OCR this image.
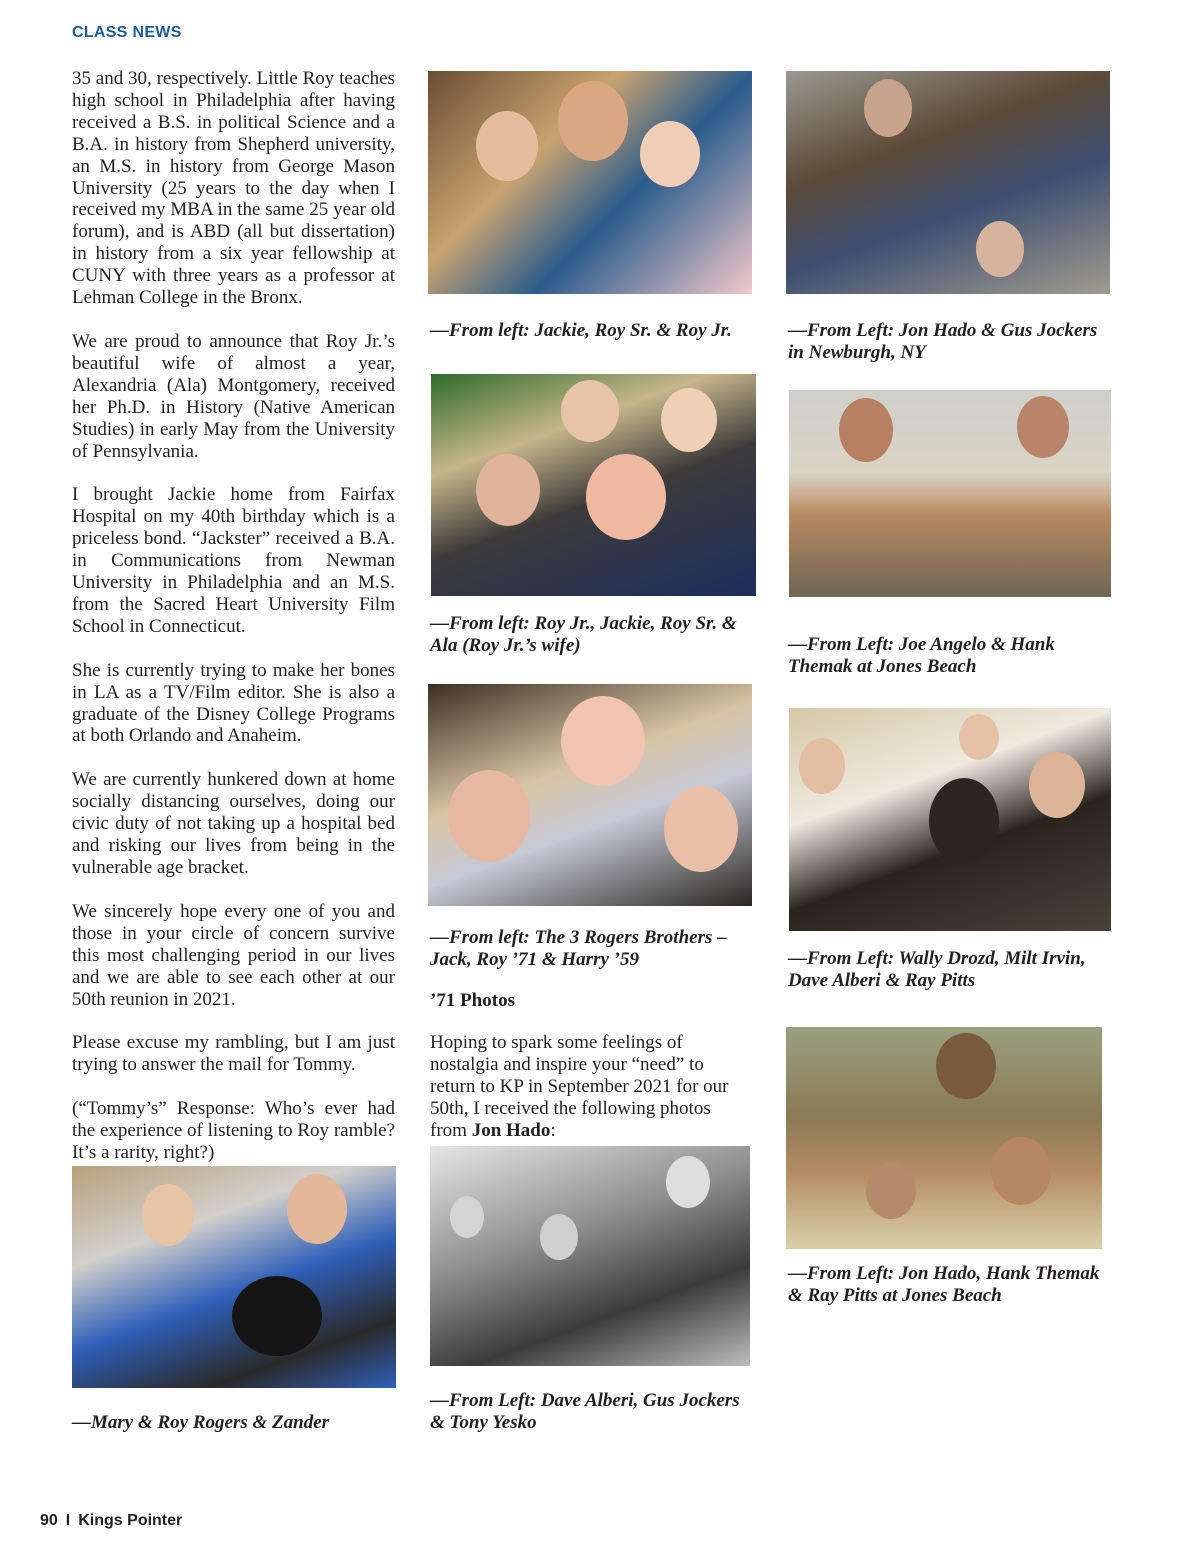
CLASS NEWS

35 and 30, respectively. Little Roy teaches high school in Philadelphia after having received a B.S. in political Science and a B.A. in history from Shepherd university, an M.S. in history from George Mason University (25 years to the day when I received my MBA in the same 25 year old forum), and is ABD (all but dissertation) in history from a six year fellowship at CUNY with three years as a professor at Lehman College in the Bronx.

We are proud to announce that Roy Jr.’s beautiful wife of almost a year, Alexandria (Ala) Montgomery, received her Ph.D. in History (Native American Studies) in early May from the University of Pennsylvania.

I brought Jackie home from Fairfax Hospital on my 40th birthday which is a priceless bond. “Jackster” received a B.A. in Communications from Newman University in Philadelphia and an M.S. from the Sacred Heart University Film School in Connecticut.

She is currently trying to make her bones in LA as a TV/Film editor. She is also a graduate of the Disney College Programs at both Orlando and Anaheim.

We are currently hunkered down at home socially distancing ourselves, doing our civic duty of not taking up a hospital bed and risking our lives from being in the vulnerable age bracket.

We sincerely hope every one of you and those in your circle of concern survive this most challenging period in our lives and we are able to see each other at our 50th reunion in 2021.

Please excuse my rambling, but I am just trying to answer the mail for Tommy.

(“Tommy’s” Response: Who’s ever had the experience of listening to Roy ramble? It’s a rarity, right?)

—Mary & Roy Rogers & Zander
—From left: Jackie, Roy Sr. & Roy Jr.
—From left: Roy Jr., Jackie, Roy Sr. & Ala (Roy Jr.’s wife)
—From left: The 3 Rogers Brothers – Jack, Roy ’71 & Harry ’59
’71 Photos

Hoping to spark some feelings of nostalgia and inspire your “need” to return to KP in September 2021 for our 50th, I received the following photos from Jon Hado:

—From Left: Dave Alberi, Gus Jockers & Tony Yesko
—From Left: Jon Hado & Gus Jockers in Newburgh, NY
—From Left: Joe Angelo & Hank Themak at Jones Beach
—From Left: Wally Drozd, Milt Irvin, Dave Alberi & Ray Pitts
—From Left: Jon Hado, Hank Themak & Ray Pitts at Jones Beach
90 I Kings Pointer
